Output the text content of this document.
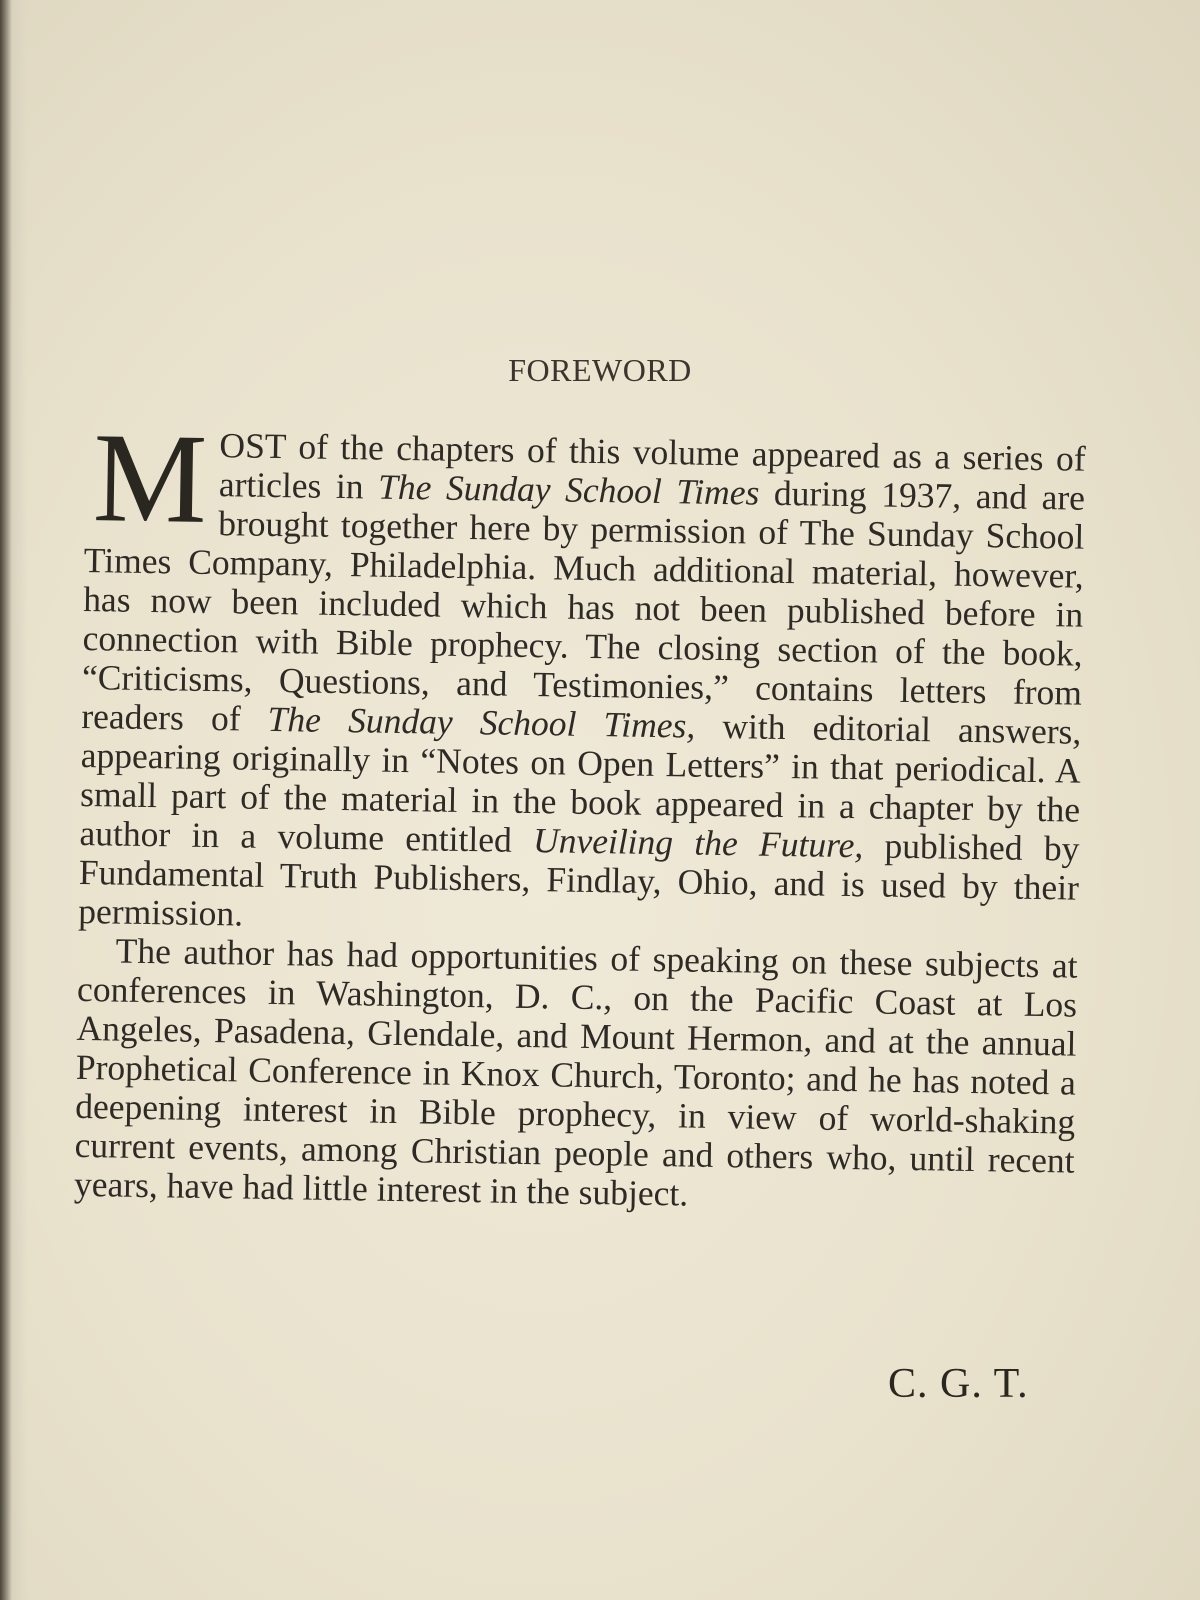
FOREWORD

MOST of the chapters of this volume appeared as a series of articles in The Sunday School Times during 1937, and are brought together here by permission of The Sunday School Times Company, Philadelphia. Much additional material, however, has now been included which has not been published before in connection with Bible prophecy. The closing section of the book, “Criticisms, Questions, and Testimonies,” contains letters from readers of The Sunday School Times, with editorial answers, appearing originally in “Notes on Open Letters” in that periodical. A small part of the material in the book appeared in a chapter by the author in a volume entitled Unveiling the Future, published by Fundamental Truth Publishers, Findlay, Ohio, and is used by their permission.

The author has had opportunities of speaking on these subjects at conferences in Washington, D. C., on the Pacific Coast at Los Angeles, Pasadena, Glendale, and Mount Hermon, and at the annual Prophetical Conference in Knox Church, Toronto; and he has noted a deepening interest in Bible prophecy, in view of world-shaking current events, among Christian people and others who, until recent years, have had little interest in the subject.

C. G. T.
